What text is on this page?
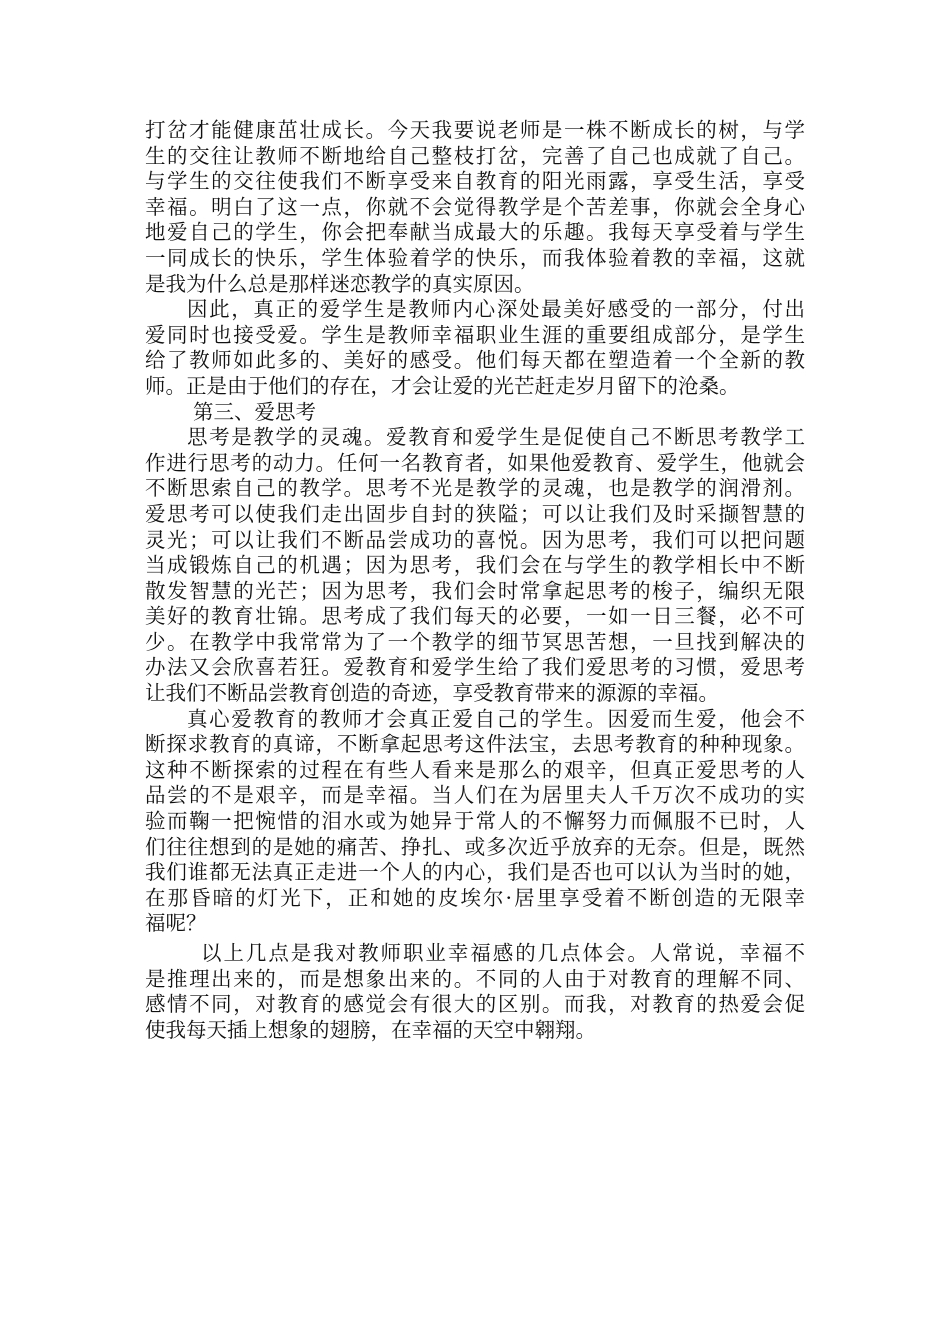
打岔才能健康茁壮成长。今天我要说老师是一株不断成长的树，与学
生的交往让教师不断地给自己整枝打岔，完善了自己也成就了自己。
与学生的交往使我们不断享受来自教育的阳光雨露，享受生活，享受
幸福。明白了这一点，你就不会觉得教学是个苦差事，你就会全身心
地爱自己的学生，你会把奉献当成最大的乐趣。我每天享受着与学生
一同成长的快乐，学生体验着学的快乐，而我体验着教的幸福，这就
是我为什么总是那样迷恋教学的真实原因。
因此，真正的爱学生是教师内心深处最美好感受的一部分，付出
爱同时也接受爱。学生是教师幸福职业生涯的重要组成部分，是学生
给了教师如此多的、美好的感受。他们每天都在塑造着一个全新的教
师。正是由于他们的存在，才会让爱的光芒赶走岁月留下的沧桑。
第三、爱思考
思考是教学的灵魂。爱教育和爱学生是促使自己不断思考教学工
作进行思考的动力。任何一名教育者，如果他爱教育、爱学生，他就会
不断思索自己的教学。思考不光是教学的灵魂，也是教学的润滑剂。
爱思考可以使我们走出固步自封的狭隘；可以让我们及时采撷智慧的
灵光；可以让我们不断品尝成功的喜悦。因为思考，我们可以把问题
当成锻炼自己的机遇；因为思考，我们会在与学生的教学相长中不断
散发智慧的光芒；因为思考，我们会时常拿起思考的梭子，编织无限
美好的教育壮锦。思考成了我们每天的必要，一如一日三餐，必不可
少。在教学中我常常为了一个教学的细节冥思苦想，一旦找到解决的
办法又会欣喜若狂。爱教育和爱学生给了我们爱思考的习惯，爱思考
让我们不断品尝教育创造的奇迹，享受教育带来的源源的幸福。
真心爱教育的教师才会真正爱自己的学生。因爱而生爱，他会不
断探求教育的真谛，不断拿起思考这件法宝，去思考教育的种种现象。
这种不断探索的过程在有些人看来是那么的艰辛，但真正爱思考的人
品尝的不是艰辛，而是幸福。当人们在为居里夫人千万次不成功的实
验而鞠一把惋惜的泪水或为她异于常人的不懈努力而佩服不已时，人
们往往想到的是她的痛苦、挣扎、或多次近乎放弃的无奈。但是，既然
我们谁都无法真正走进一个人的内心，我们是否也可以认为当时的她，
在那昏暗的灯光下，正和她的皮埃尔·居里享受着不断创造的无限幸
福呢？
以上几点是我对教师职业幸福感的几点体会。人常说，幸福不
是推理出来的，而是想象出来的。不同的人由于对教育的理解不同、
感情不同，对教育的感觉会有很大的区别。而我，对教育的热爱会促
使我每天插上想象的翅膀，在幸福的天空中翱翔。
